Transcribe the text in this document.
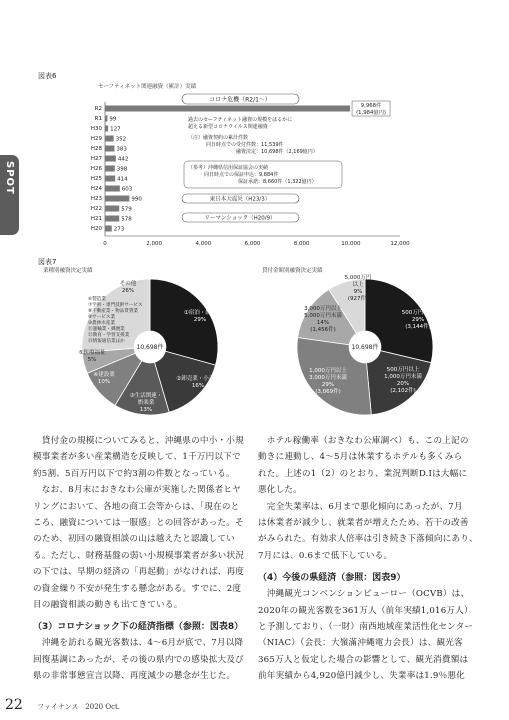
SPOT
図表6
セーフティネット関連融資（累計）実績
0	2,000	4,000	6,000	8,000	10,000	12,000
R2
R1
H30
H29
H28
H27
H26
H25
H24
H23
H22
H21
H20
99
127
352
383
442
398
414
603
990
579
578
273
9,968件
(1,984億円)
コロナ危機（R2/1〜）
過去のセーフティネット融資の規模をはるかに
超える新型コロナウイルス関連融資
（注）融資契約の累計件数
同日時点での受付件数：11,539件
融資決定：10,698件（2,169億円）
（参考）沖縄県信用保証協会の実績
同日時点での保証申込：9,884件
保証承諾：8,660件（1,322億円）
東日本大震災（H23/3）
リーマンショック（H20/9）
図表7
業種別融資決定実績	貸付金額別融資決定実績
10,698件
①宿泊・飲食
29%
②卸売業・小売業
16%
③生活関連・
娯楽業
13%
④建設業
10%
⑤医療福祉
5%
その他
26%
⑥製造業
⑦学術・専門技術サービス
⑧不動産業・物品賃貸業
⑨サービス業
⑩農林水産業
⑪運輸業・郵便業
⑫教育・学習支援業
⑬情報通信業ほか
10,698件
500万円未満
29%
(3,144件)
500万円以上
1,000万円未満
20%
(2,102件)
1,000万円以上
3,000万円未満
29%
(3,069件)
3,000万円以上
5,000万円未満
14%
(1,456件)
5,000万円
以上
9%
(927件)
　貸付金の規模についてみると、沖縄県の中小・小規
模事業者が多い産業構造を反映して、1千万円以下で
約5割、5百万円以下で約3割の件数となっている。
　なお、8月末におきなわ公庫が実施した関係者ヒヤ
リングにおいて、各地の商工会等からは、「現在のと
ころ、融資については一服感」との回答があった。そ
のため、初回の融資相談の山は越えたと認識してい
る。ただし、財務基盤の弱い小規模事業者が多い状況
の下では、早期の経済の「再起動」がなければ、再度
の資金繰り不安が発生する懸念がある。すでに、2度
目の融資相談の動きも出てきている。
（3）コロナショック下の経済指標（参照：図表8）
　沖縄を訪れる観光客数は、4〜6月が底で、7月以降
回復基調にあったが、その後の県内での感染拡大及び
県の非常事態宣言以降、再度減少の懸念が生じた。
　ホテル稼働率（おきなわ公庫調べ）も、この上記の
動きに連動し、4〜5月は休業するホテルも多くみら
れた。上述の1（2）のとおり、業況判断D.Iは大幅に
悪化した。
　完全失業率は、6月まで悪化傾向にあったが、7月
は休業者が減少し、就業者が増えたため、若干の改善
がみられた。有効求人倍率は引き続き下落傾向にあり、
7月には、0.6まで低下している。
（4）今後の県経済（参照：図表9）
　沖縄観光コンベンションビューロー（OCVB）は、
2020年の観光客数を361万人（前年実績1,016万人）
と予測しており、（一財）南西地域産業活性化センター
（NIAC）（会長：大嶺滿沖縄電力会長）は、観光客
365万人と仮定した場合の影響として、観光消費額は
前年実績から4,920億円減少し、失業率は1.9％悪化
22 ファイナンス　2020 Oct.
